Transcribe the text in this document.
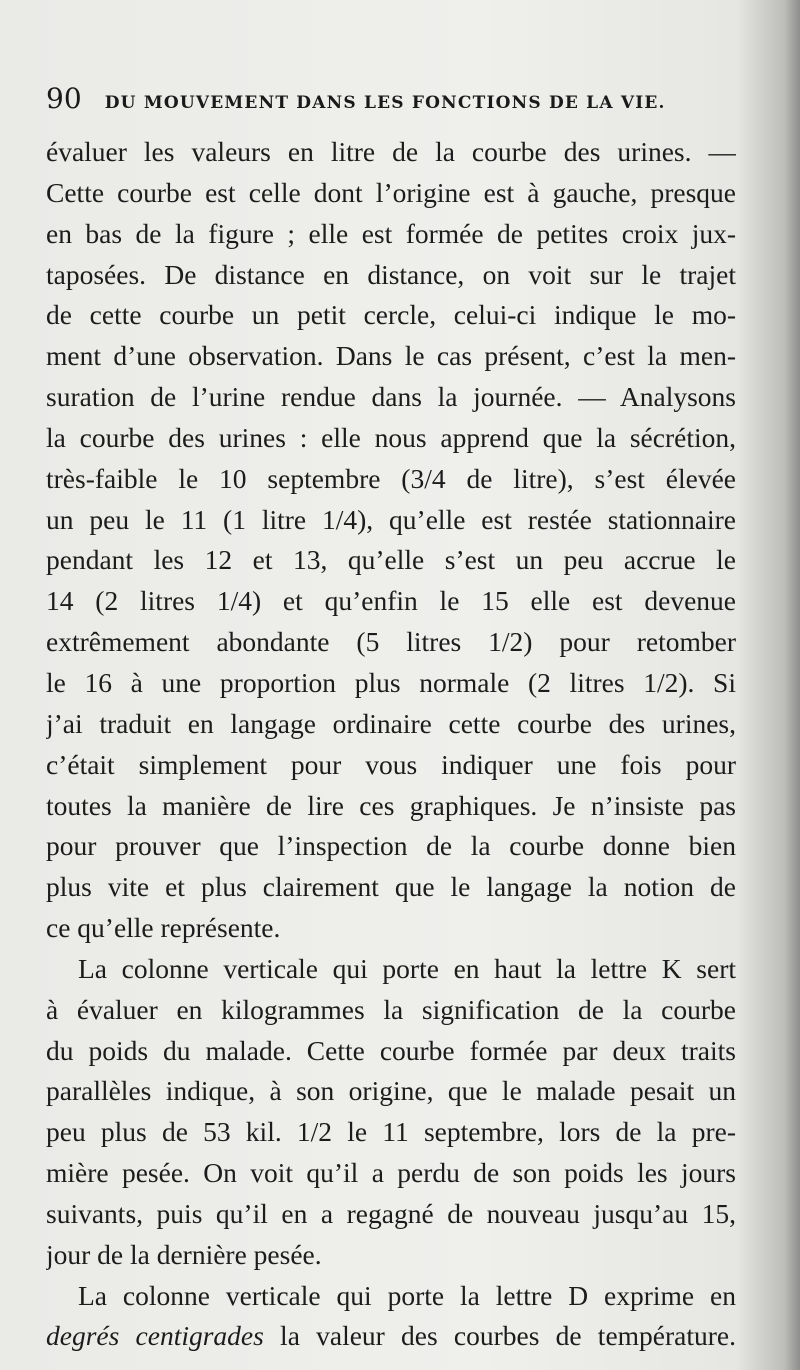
90 DU MOUVEMENT DANS LES FONCTIONS DE LA VIE.
évaluer les valeurs en litre de la courbe des urines. —
Cette courbe est celle dont l’origine est à gauche, presque
en bas de la figure ; elle est formée de petites croix jux-
taposées. De distance en distance, on voit sur le trajet
de cette courbe un petit cercle, celui-ci indique le mo-
ment d’une observation. Dans le cas présent, c’est la men-
suration de l’urine rendue dans la journée. — Analysons
la courbe des urines : elle nous apprend que la sécrétion,
très-faible le 10 septembre (3/4 de litre), s’est élevée
un peu le 11 (1 litre 1/4), qu’elle est restée stationnaire
pendant les 12 et 13, qu’elle s’est un peu accrue le
14 (2 litres 1/4) et qu’enfin le 15 elle est devenue
extrêmement abondante (5 litres 1/2) pour retomber
le 16 à une proportion plus normale (2 litres 1/2). Si
j’ai traduit en langage ordinaire cette courbe des urines,
c’était simplement pour vous indiquer une fois pour
toutes la manière de lire ces graphiques. Je n’insiste pas
pour prouver que l’inspection de la courbe donne bien
plus vite et plus clairement que le langage la notion de
ce qu’elle représente.
La colonne verticale qui porte en haut la lettre K sert
à évaluer en kilogrammes la signification de la courbe
du poids du malade. Cette courbe formée par deux traits
parallèles indique, à son origine, que le malade pesait un
peu plus de 53 kil. 1/2 le 11 septembre, lors de la pre-
mière pesée. On voit qu’il a perdu de son poids les jours
suivants, puis qu’il en a regagné de nouveau jusqu’au 15,
jour de la dernière pesée.
La colonne verticale qui porte la lettre D exprime en
degrés centigrades la valeur des courbes de température.
